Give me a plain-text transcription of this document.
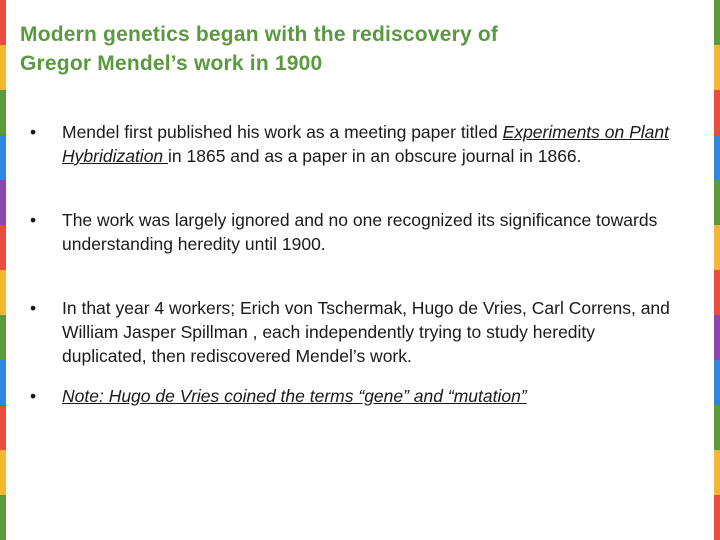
Modern genetics began with the rediscovery of
Gregor Mendel’s work in 1900
•	Mendel first published his work as a meeting paper titled Experiments on Plant Hybridization in 1865 and as a paper in an obscure journal in 1866.
•	The work was largely ignored and no one recognized its significance towards understanding heredity until 1900.
•	In that year 4 workers; Erich von Tschermak, Hugo de Vries, Carl Correns, and William Jasper Spillman , each independently trying to study heredity duplicated, then rediscovered Mendel’s work.
•	Note: Hugo de Vries coined the terms “gene” and “mutation”
